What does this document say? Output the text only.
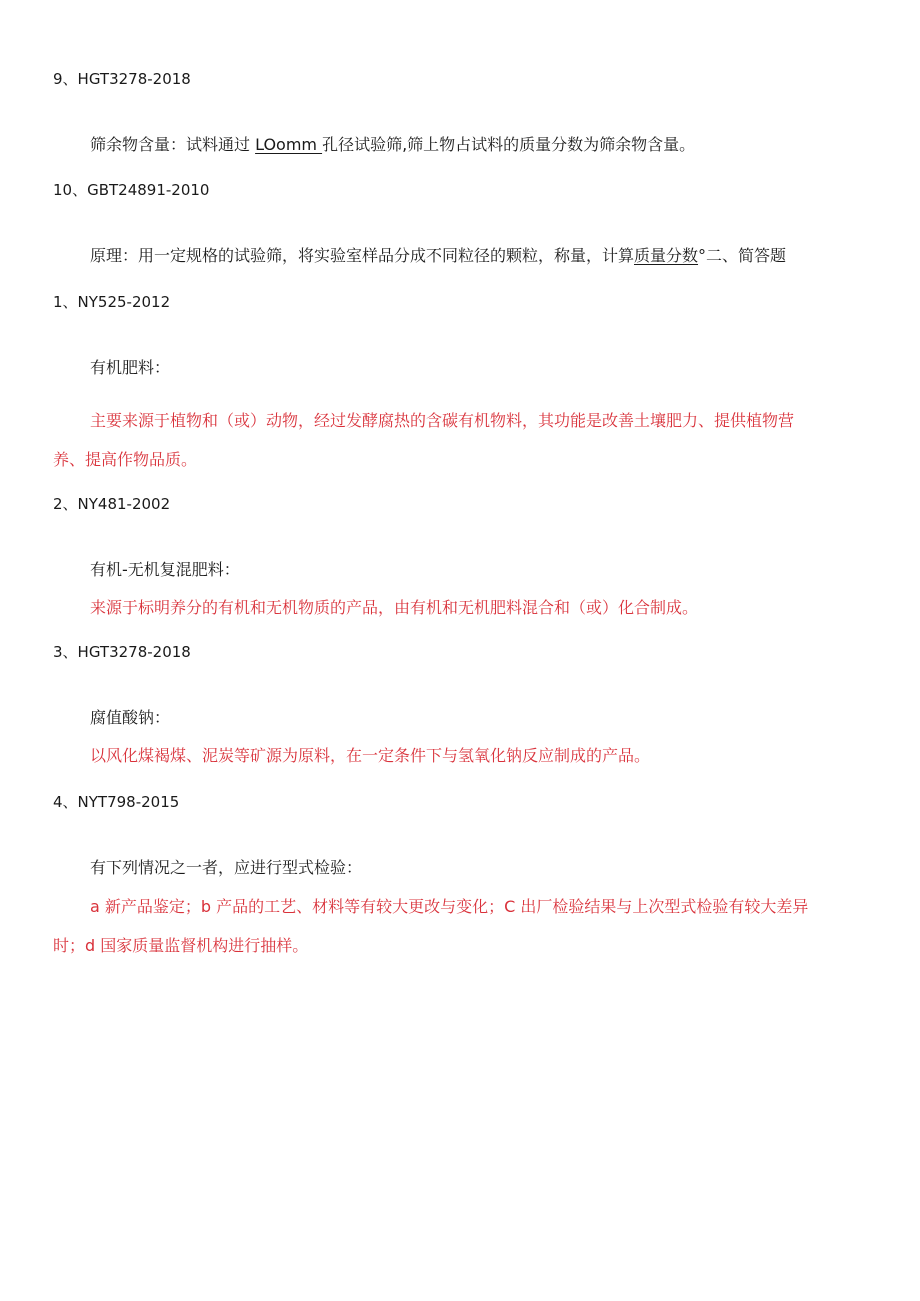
9、HGT3278-2018
筛余物含量：试料通过 LOomm 孔径试验筛,筛上物占试料的质量分数为筛余物含量。
10、GBT24891-2010
原理：用一定规格的试验筛，将实验室样品分成不同粒径的颗粒，称量，计算质量分数°二、简答题
1、NY525-2012
有机肥料：
主要来源于植物和（或）动物，经过发酵腐热的含碳有机物料，其功能是改善土壤肥力、提供植物营
养、提高作物品质。
2、NY481-2002
有机-无机复混肥料：
来源于标明养分的有机和无机物质的产品，由有机和无机肥料混合和（或）化合制成。
3、HGT3278-2018
腐值酸钠：
以风化煤褐煤、泥炭等矿源为原料，在一定条件下与氢氧化钠反应制成的产品。
4、NYT798-2015
有下列情况之一者，应进行型式检验：
a 新产品鉴定；b 产品的工艺、材料等有较大更改与变化；C 出厂检验结果与上次型式检验有较大差异
时；d 国家质量监督机构进行抽样。
